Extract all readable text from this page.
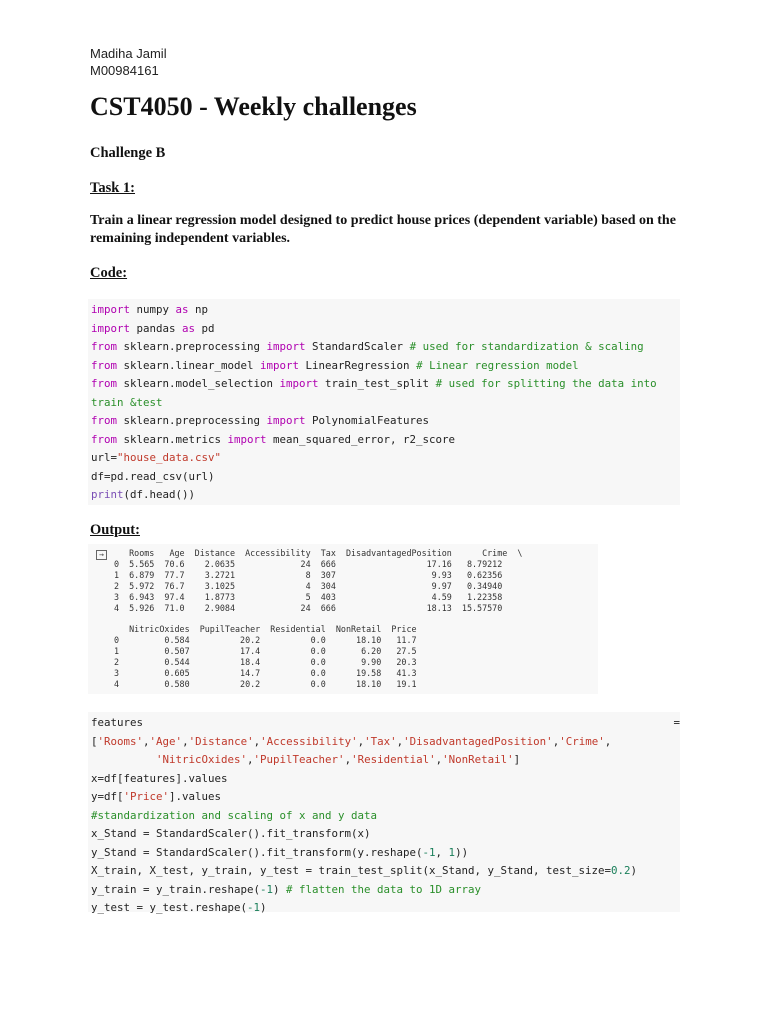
Madiha Jamil
M00984161
CST4050 - Weekly challenges
Challenge B
Task 1:
Train a linear regression model designed to predict house prices (dependent variable) based on the remaining independent variables.
Code:
import numpy as np
import pandas as pd
from sklearn.preprocessing import StandardScaler # used for standardization & scaling
from sklearn.linear_model import LinearRegression # Linear regression model
from sklearn.model_selection import train_test_split # used for splitting the data into
train &test
from sklearn.preprocessing import PolynomialFeatures
from sklearn.metrics import mean_squared_error, r2_score
url="house_data.csv"
df=pd.read_csv(url)
print(df.head())
Output:
→	Rooms   Age  Distance  Accessibility  Tax  DisadvantagedPosition      Crime  \
0  5.565  70.6    2.0635             24  666                  17.16   8.79212
1  6.879  77.7    3.2721              8  307                   9.93   0.62356
2  5.972  76.7    3.1025              4  304                   9.97   0.34940
3  6.943  97.4    1.8773              5  403                   4.59   1.22358
4  5.926  71.0    2.9084             24  666                  18.13  15.57570
NitricOxides  PupilTeacher  Residential  NonRetail  Price
0         0.584          20.2          0.0      18.10   11.7
1         0.507          17.4          0.0       6.20   27.5
2         0.544          18.4          0.0       9.90   20.3
3         0.605          14.7          0.0      19.58   41.3
4         0.580          20.2          0.0      18.10   19.1
features	=
['Rooms','Age','Distance','Accessibility','Tax','DisadvantagedPosition','Crime',
'NitricOxides','PupilTeacher','Residential','NonRetail']
x=df[features].values
y=df['Price'].values
#standardization and scaling of x and y data
x_Stand = StandardScaler().fit_transform(x)
y_Stand = StandardScaler().fit_transform(y.reshape(-1, 1))
X_train, X_test, y_train, y_test = train_test_split(x_Stand, y_Stand, test_size=0.2)
y_train = y_train.reshape(-1) # flatten the data to 1D array
y_test = y_test.reshape(-1)
